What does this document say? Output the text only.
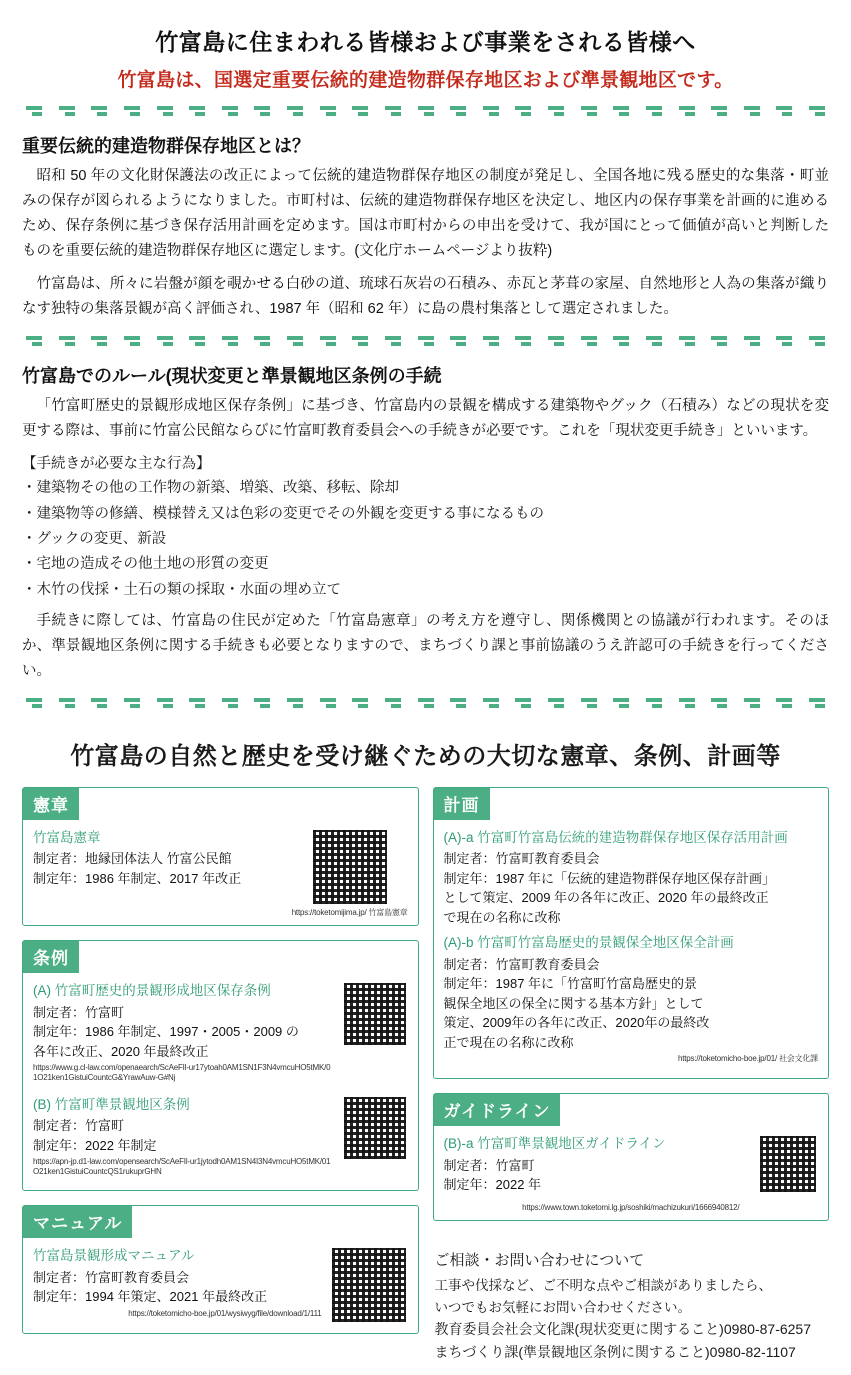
竹富島に住まわれる皆様および事業をされる皆様へ
竹富島は、国選定重要伝統的建造物群保存地区および準景観地区です。
重要伝統的建造物群保存地区とは？

昭和 50 年の文化財保護法の改正によって伝統的建造物群保存地区の制度が発足し、全国各地に残る歴史的な集落・町並みの保存が図られるようになりました。市町村は、伝統的建造物群保存地区を決定し、地区内の保存事業を計画的に進めるため、保存条例に基づき保存活用計画を定めます。国は市町村からの申出を受けて、我が国にとって価値が高いと判断したものを重要伝統的建造物群保存地区に選定します。(文化庁ホームページより抜粋)

竹富島は、所々に岩盤が顔を覗かせる白砂の道、琉球石灰岩の石積み、赤瓦と茅葺の家屋、自然地形と人為の集落が織りなす独特の集落景観が高く評価され、1987 年（昭和 62 年）に島の農村集落として選定されました。

竹富島でのルール(現状変更と準景観地区条例の手続

「竹富町歴史的景観形成地区保存条例」に基づき、竹富島内の景観を構成する建築物やグック（石積み）などの現状を変更する際は、事前に竹富公民館ならびに竹富町教育委員会への手続きが必要です。これを「現状変更手続き」といいます。

【手続きが必要な主な行為】

・建築物その他の工作物の新築、増築、改築、移転、除却
・建築物等の修繕、模様替え又は色彩の変更でその外観を変更する事になるもの
・グックの変更、新設
・宅地の造成その他土地の形質の変更
・木竹の伐採・土石の類の採取・水面の埋め立て

手続きに際しては、竹富島の住民が定めた「竹富島憲章」の考え方を遵守し、関係機関との協議が行われます。そのほか、準景観地区条例に関する手続きも必要となりますので、まちづくり課と事前協議のうえ許認可の手続きを行ってください。

竹富島の自然と歴史を受け継ぐための大切な憲章、条例、計画等
憲章

竹富島憲章

制定者：地縁団体法人 竹富公民館

制定年：1986 年制定、2017 年改正

https://toketomijima.jp/ 竹富島憲章
条例

(A) 竹富町歴史的景観形成地区保存条例

制定者：竹富町

制定年：1986 年制定、1997・2005・2009 の

各年に改正、2020 年最終改正

https://www.g.cl-law.com/openaearch/ScAeFIl-ur17ytoah0AM1SN1F3N4vmcuHO5tMK/01O21ken1GistuiCountcG&YrawAuw-G#Nj

(B) 竹富町準景観地区条例

制定者：竹富町

制定年：2022 年制定

https://apn-jp.d1-law.com/opensearch/ScAeFIl-ur1jytodh0AM1SN4I3N4vmcuHO5tMK/01O21ken1GistuiCountcQS1rukuprGHN

マニュアル

竹富島景観形成マニュアル

制定者：竹富町教育委員会

制定年：1994 年策定、2021 年最終改正

https://toketomicho-boe.jp/01/wysiwyg/file/download/1/111

計画

(A)-a 竹富町竹富島伝統的建造物群保存地区保存活用計画

制定者：竹富町教育委員会

制定年：1987 年に「伝統的建造物群保存地区保存計画」

として策定、2009 年の各年に改正、2020 年の最終改正

で現在の名称に改称

(A)-b 竹富町竹富島歴史的景観保全地区保全計画

制定者：竹富町教育委員会

制定年：1987 年に「竹富町竹富島歴史的景

観保全地区の保全に関する基本方針」として

策定、2009年の各年に改正、2020年の最終改

正で現在の名称に改称

https://toketomicho-boe.jp/01/ 社会文化課

ガイドライン

(B)-a 竹富町準景観地区ガイドライン

制定者：竹富町

制定年：2022 年

https://www.town.toketomi.lg.jp/soshiki/machizukuri/1666940812/

ご相談・お問い合わせについて

工事や伐採など、ご不明な点やご相談がありましたら、

いつでもお気軽にお問い合わせください。

教育委員会社会文化課(現状変更に関すること)0980-87-6257

まちづくり課(準景観地区条例に関すること)0980-82-1107
